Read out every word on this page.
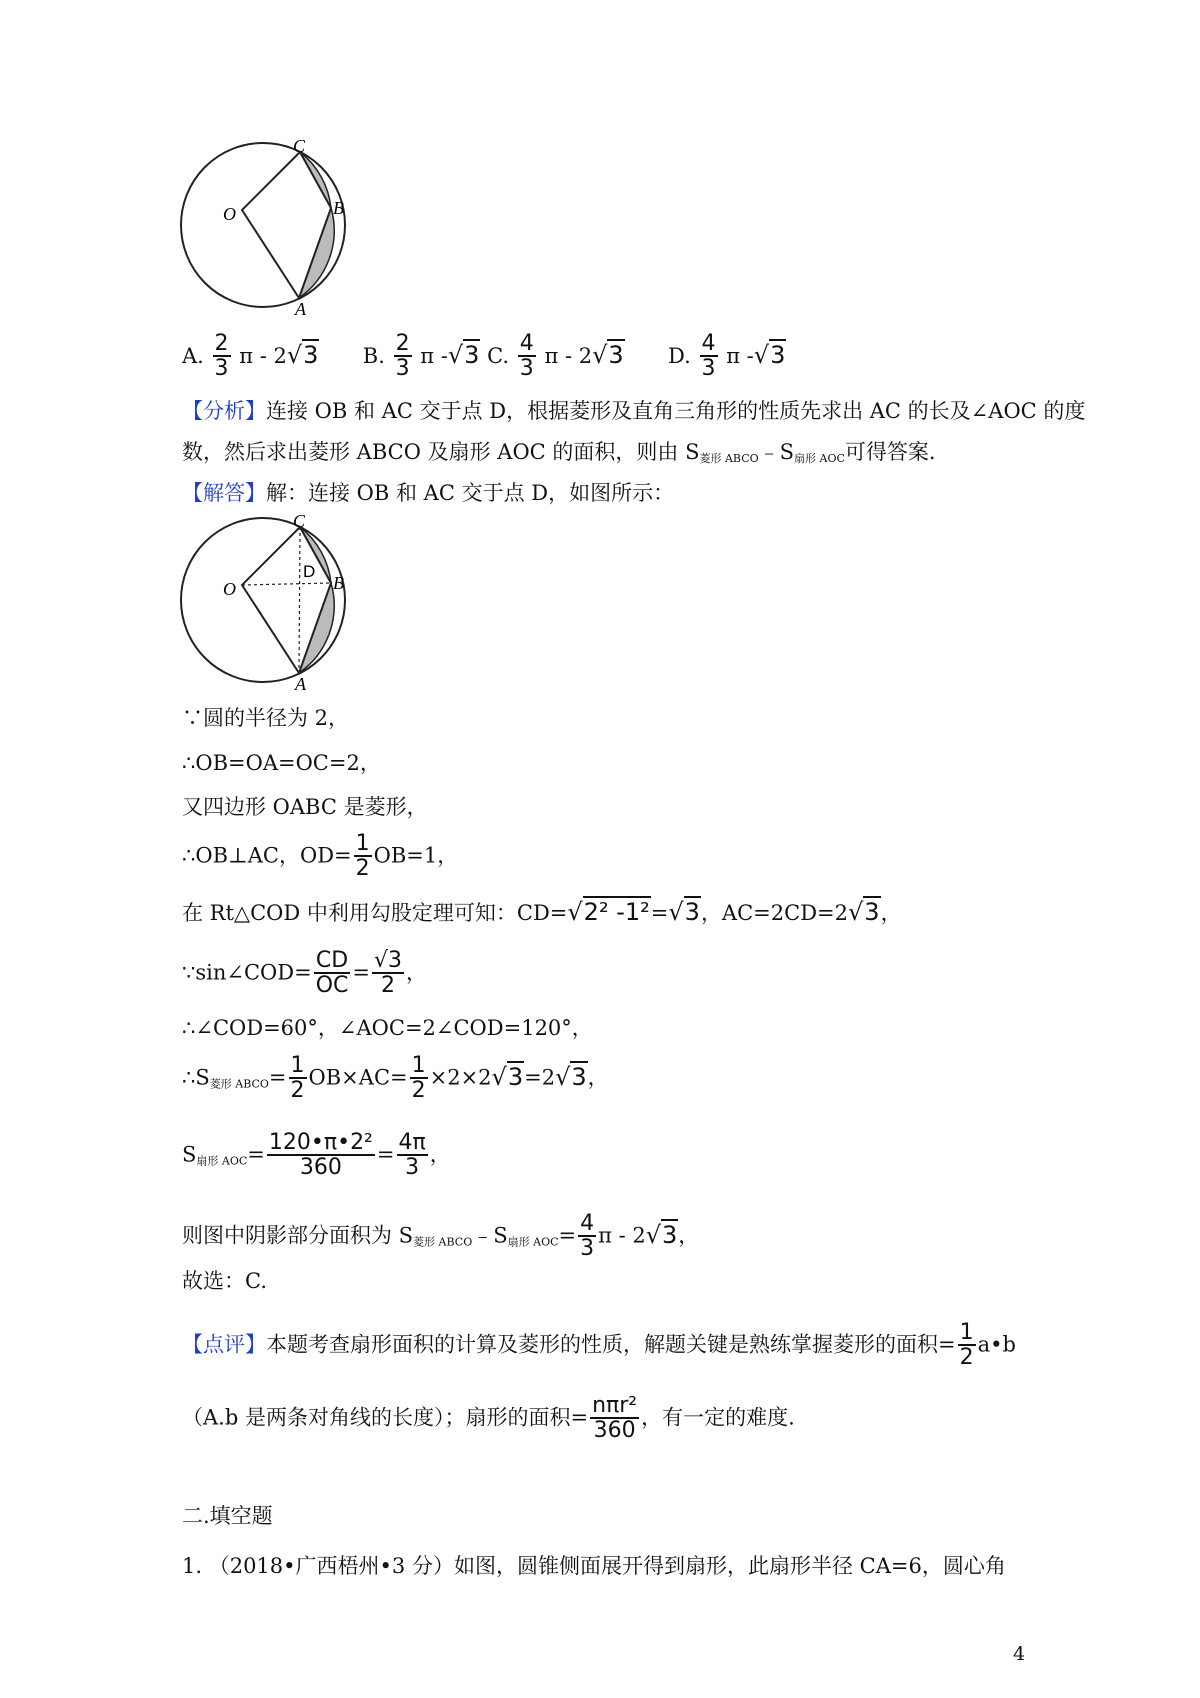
C
B
O
A
A. $\frac{2}{3}$ π ‑ 2√3 B. $\frac{2}{3}$ π ‑√3 C. $\frac{4}{3}$ π ‑ 2√3 D. $\frac{4}{3}$ π ‑√3
【分析】连接 OB 和 AC 交于点 D，根据菱形及直角三角形的性质先求出 AC 的长及∠AOC 的度
数，然后求出菱形 ABCO 及扇形 AOC 的面积，则由 $S_{菱形 ABCO}﹣S_{扇形 AOC}$可得答案.
【解答】解：连接 OB 和 AC 交于点 D，如图所示：
C
B
O
A
D
∵圆的半径为 2，
∴OB=OA=OC=2，
又四边形 OABC 是菱形，
∴OB⊥AC，$OD= \frac{1}{2} OB=1$，
在 Rt△COD 中利用勾股定理可知：CD=√2² ‑1²=√3，AC=2CD=2√3，
∵sin∠COD= $\frac{CD}{OC} = \frac{√3}{2}$ ，
∴∠COD=60°，∠AOC=2∠COD=120°，
$\therefore S_{菱形 ABCO}= \frac{1}{2} OB\times AC= \frac{1}{2} \times 2\times 2√3=2√3$，
$S_{扇形 AOC}= \frac{\text{120•π•2²}}{360} = \frac{4\pi}{3}$ ，
则图中阴影部分面积为 $S_{菱形 ABCO}﹣S_{扇形 AOC}= \frac{4}{3}$ π ‑ 2√3，
故选：C.
【点评】本题考查扇形面积的计算及菱形的性质，解题关键是熟练掌握菱形的面积= $\frac{1}{2}$ a•b
（A.b 是两条对角线的长度）；扇形的面积= $\frac{\text{nπr²}}{360}$ ，有一定的难度.
二.填空题
1. （2018•广西梧州•3 分）如图，圆锥侧面展开得到扇形，此扇形半径 CA=6，圆心角
4
